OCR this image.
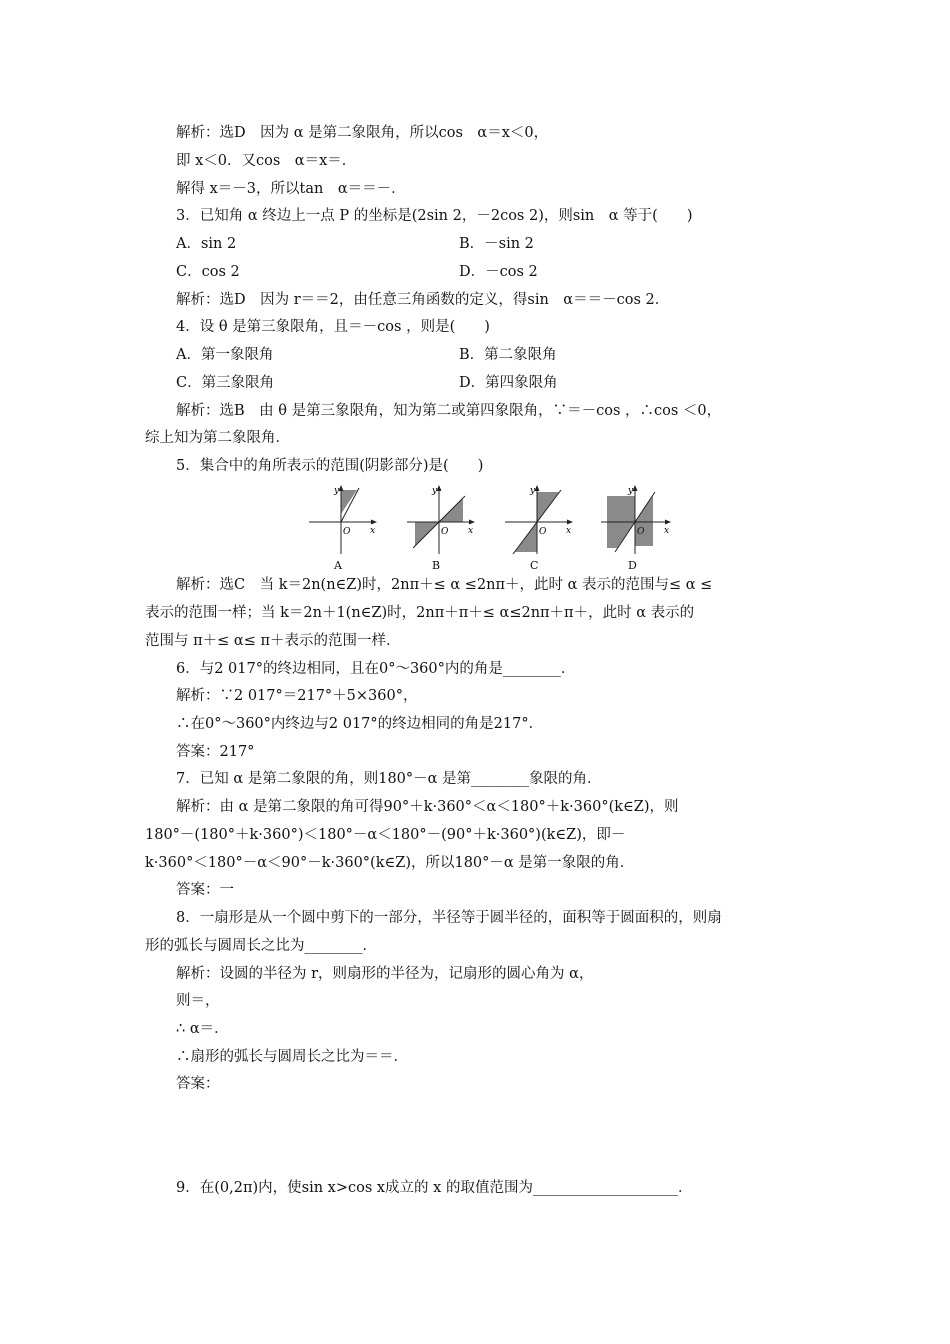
解析：选D　因为 α 是第二象限角，所以cos　α＝x＜0，
即 x＜0．又cos　α＝x＝．
解得 x＝－3，所以tan　α＝＝－．
3．已知角 α 终边上一点 P 的坐标是(2sin 2，－2cos 2)，则sin　α 等于(　　)
A．sin 2	B．－sin 2
C．cos 2	D．－cos 2
解析：选D　因为 r＝＝2，由任意三角函数的定义，得sin　α＝＝－cos 2．
4．设 θ 是第三象限角，且＝－cos ，则是(　　)
A．第一象限角	B．第二象限角
C．第三象限角	D．第四象限角
解析：选B　由 θ 是第三象限角，知为第二或第四象限角，∵＝－cos ，∴cos ＜0，
综上知为第二象限角．
5．集合中的角所表示的范围(阴影部分)是(　　)
y
x
O
A
y
x
O
B
y
x
O
C
y
x
O
D
解析：选C　当 k＝2n(n∈Z)时，2nπ＋≤ α ≤2nπ＋，此时 α 表示的范围与≤ α ≤
表示的范围一样；当 k＝2n＋1(n∈Z)时，2nπ＋π＋≤ α≤2nπ＋π＋，此时 α 表示的
范围与 π＋≤ α≤ π＋表示的范围一样．
6．与2 017°的终边相同，且在0°～360°内的角是________．
解析：∵2 017°＝217°＋5×360°，
∴在0°～360°内终边与2 017°的终边相同的角是217°．
答案：217°
7．已知 α 是第二象限的角，则180°－α 是第________象限的角．
解析：由 α 是第二象限的角可得90°＋k·360°＜α＜180°＋k·360°(k∈Z)，则
180°－(180°＋k·360°)＜180°－α＜180°－(90°＋k·360°)(k∈Z)，即－
k·360°＜180°－α＜90°－k·360°(k∈Z)，所以180°－α 是第一象限的角．
答案：一
8．一扇形是从一个圆中剪下的一部分，半径等于圆半径的，面积等于圆面积的，则扇
形的弧长与圆周长之比为________．
解析：设圆的半径为 r，则扇形的半径为，记扇形的圆心角为 α，
则＝，
∴ α＝．
∴扇形的弧长与圆周长之比为＝＝．
答案：
9．在(0,2π)内，使sin x>cos x成立的 x 的取值范围为____________________．
